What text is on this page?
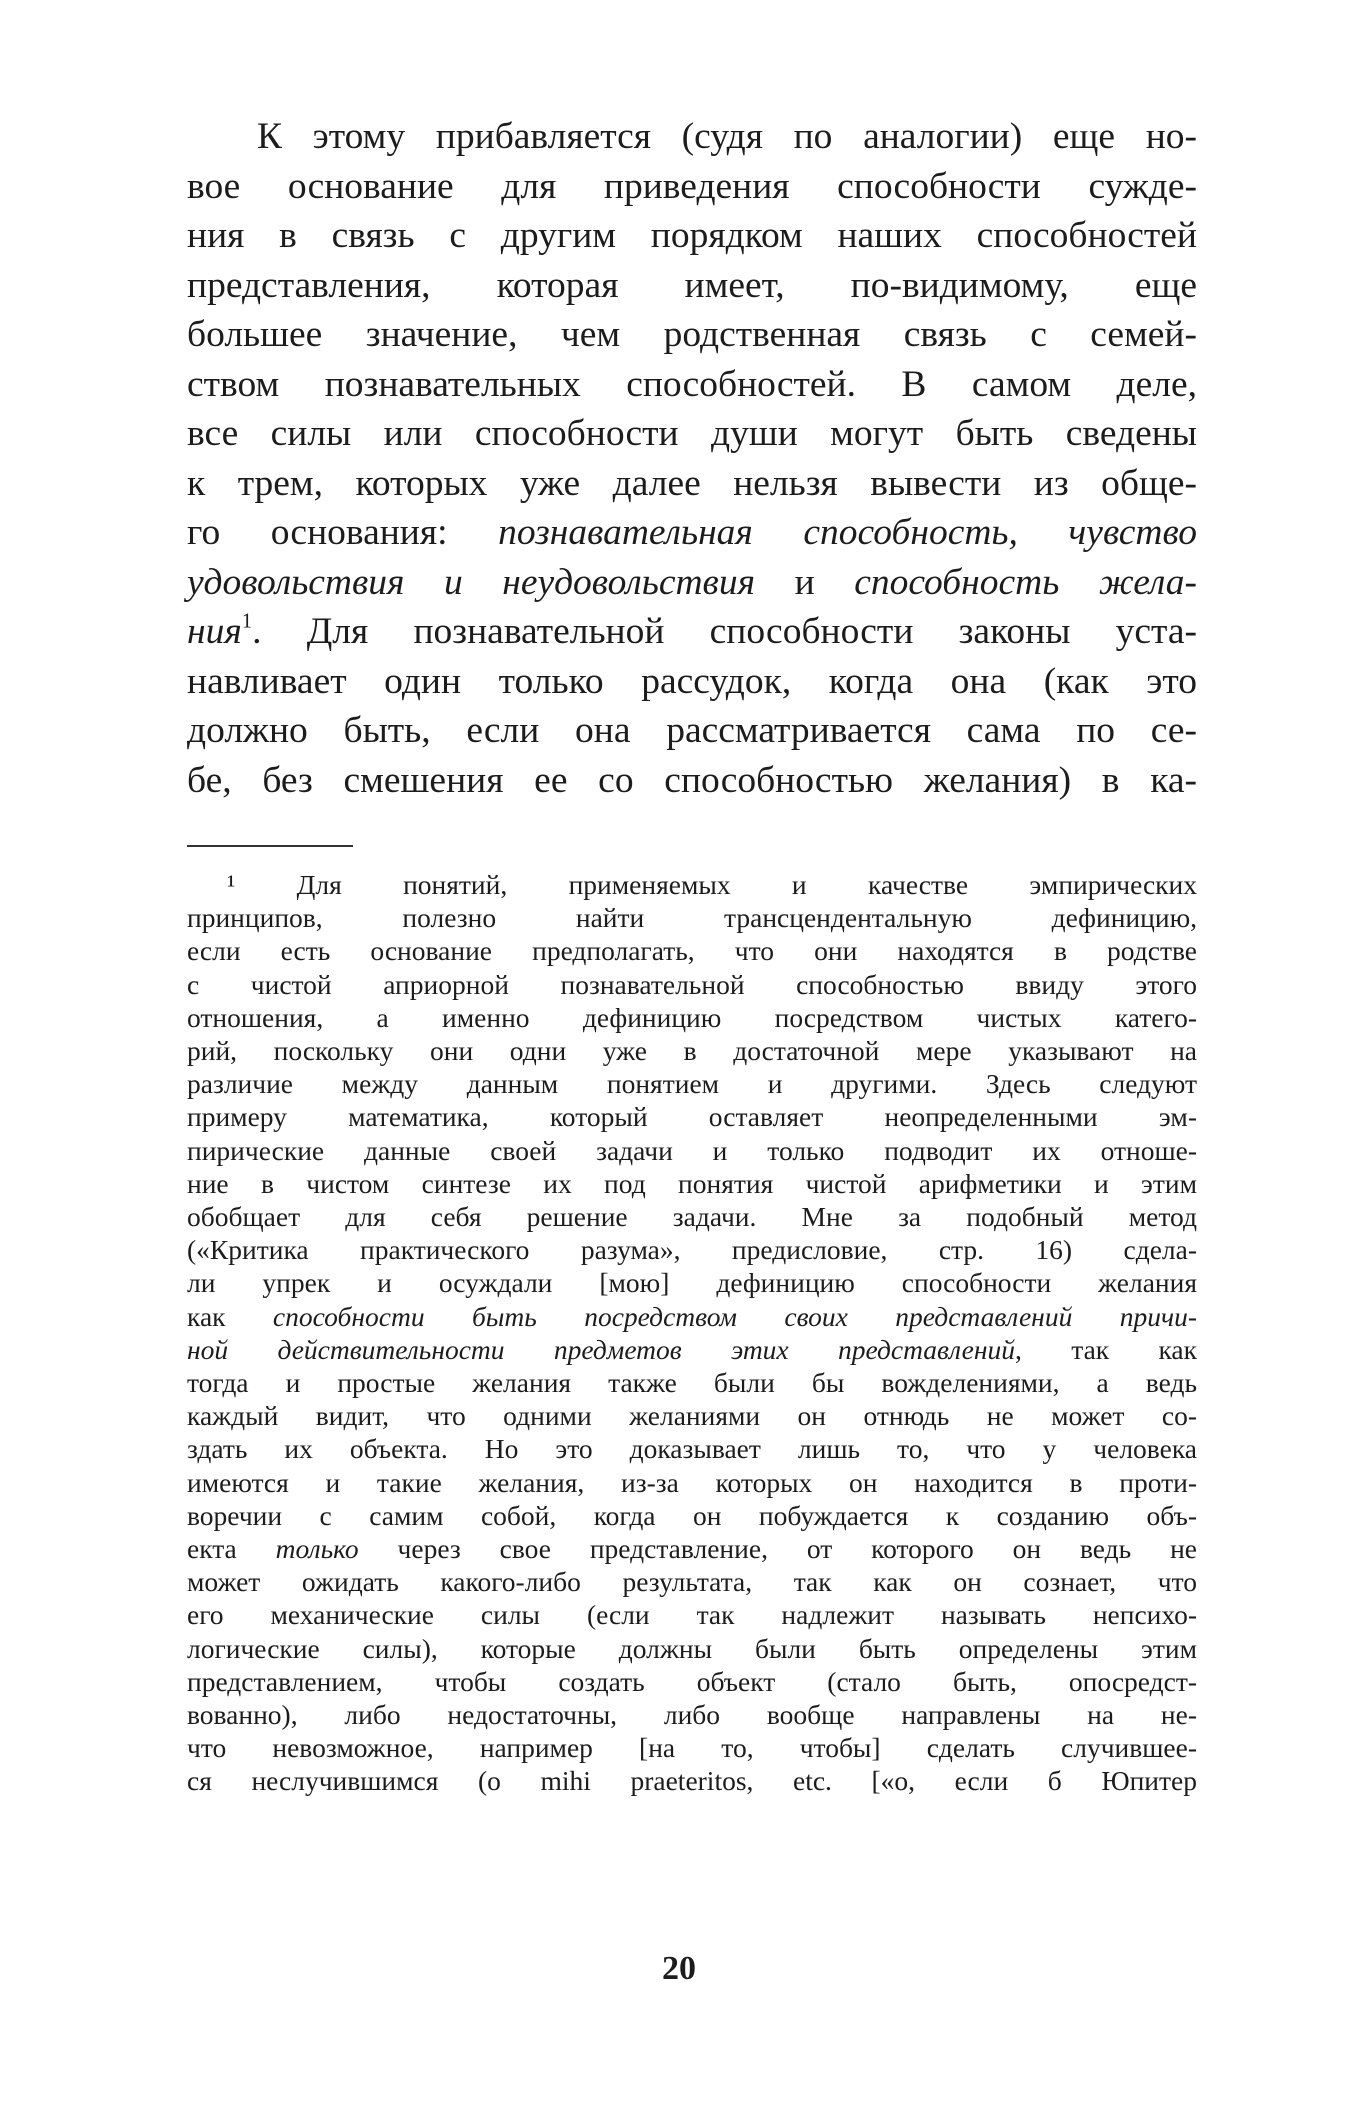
К этому прибавляется (судя по аналогии) еще но-
вое основание для приведения способности сужде-
ния в связь с другим порядком наших способностей
представления, которая имеет, по-видимому, еще
большее значение, чем родственная связь с семей-
ством познавательных способностей. В самом деле,
все силы или способности души могут быть сведены
к трем, которых уже далее нельзя вывести из обще-
го основания: познавательная способность, чувство
удовольствия и неудовольствия и способность жела-
ния$^1$. Для познавательной способности законы уста-
навливает один только рассудок, когда она (как это
должно быть, если она рассматривается сама по се-
бе, без смешения ее со способностью желания) в ка-

¹ Для понятий, применяемых и качестве эмпирических
принципов, полезно найти трансцендентальную дефиницию,
если есть основание предполагать, что они находятся в родстве
с чистой априорной познавательной способностью ввиду этого
отношения, а именно дефиницию посредством чистых катего-
рий, поскольку они одни уже в достаточной мере указывают на
различие между данным понятием и другими. Здесь следуют
примеру математика, который оставляет неопределенными эм-
пирические данные своей задачи и только подводит их отноше-
ние в чистом синтезе их под понятия чистой арифметики и этим
обобщает для себя решение задачи. Мне за подобный метод
(«Критика практического разума», предисловие, стр. 16) сдела-
ли упрек и осуждали [мою] дефиницию способности желания
как способности быть посредством своих представлений причи-
ной действительности предметов этих представлений, так как
тогда и простые желания также были бы вожделениями, а ведь
каждый видит, что одними желаниями он отнюдь не может со-
здать их объекта. Но это доказывает лишь то, что у человека
имеются и такие желания, из-за которых он находится в проти-
воречии с самим собой, когда он побуждается к созданию объ-
екта только через свое представление, от которого он ведь не
может ожидать какого-либо результата, так как он сознает, что
его механические силы (если так надлежит называть непсихо-
логические силы), которые должны были быть определены этим
представлением, чтобы создать объект (стало быть, опосредст-
вованно), либо недостаточны, либо вообще направлены на не-
что невозможное, например [на то, чтобы] сделать случившее-
ся неслучившимся (o mihi praeteritos, etc. [«о, если б Юпитер

20
